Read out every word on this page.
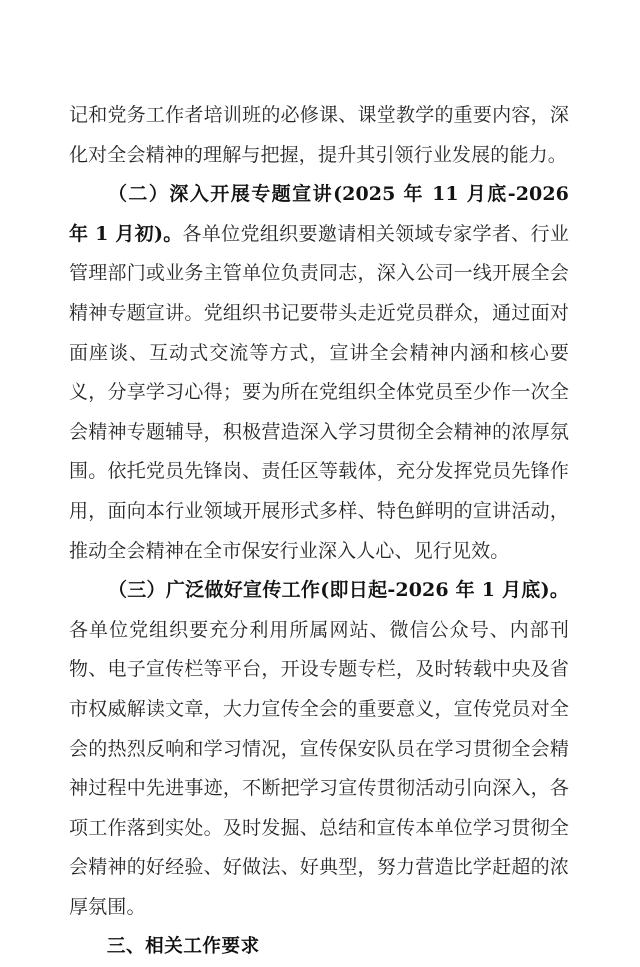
记和党务工作者培训班的必修课、课堂教学的重要内容，深化对全会精神的理解与把握，提升其引领行业发展的能力。

（二）深入开展专题宣讲(2025 年 11 月底-2026 年 1 月初)。各单位党组织要邀请相关领域专家学者、行业管理部门或业务主管单位负责同志，深入公司一线开展全会精神专题宣讲。党组织书记要带头走近党员群众，通过面对面座谈、互动式交流等方式，宣讲全会精神内涵和核心要义，分享学习心得；要为所在党组织全体党员至少作一次全会精神专题辅导，积极营造深入学习贯彻全会精神的浓厚氛围。依托党员先锋岗、责任区等载体，充分发挥党员先锋作用，面向本行业领域开展形式多样、特色鲜明的宣讲活动，推动全会精神在全市保安行业深入人心、见行见效。

（三）广泛做好宣传工作(即日起-2026 年 1 月底)。各单位党组织要充分利用所属网站、微信公众号、内部刊物、电子宣传栏等平台，开设专题专栏，及时转载中央及省市权威解读文章，大力宣传全会的重要意义，宣传党员对全会的热烈反响和学习情况，宣传保安队员在学习贯彻全会精神过程中先进事迹，不断把学习宣传贯彻活动引向深入，各项工作落到实处。及时发掘、总结和宣传本单位学习贯彻全会精神的好经验、好做法、好典型，努力营造比学赶超的浓厚氛围。

三、相关工作要求
